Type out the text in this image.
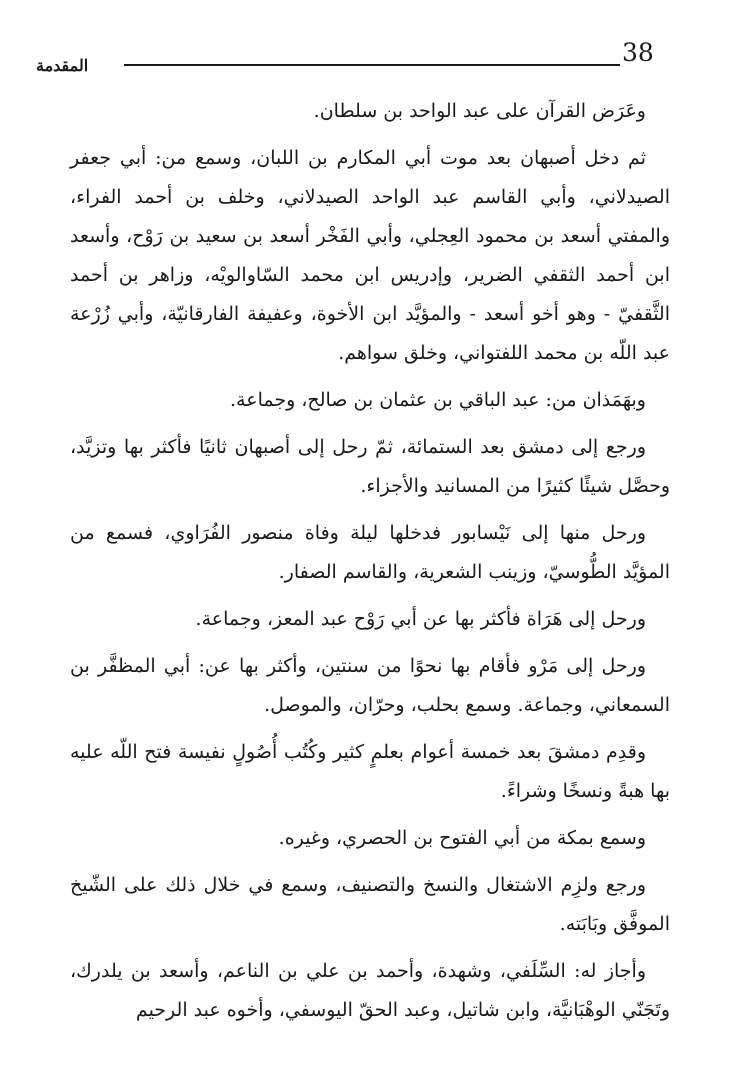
38
المقدمة

وعَرَض القرآن على عبد الواحد بن سلطان.

ثم دخل أصبهان بعد موت أبي المكارم بن اللبان، وسمع من: أبي جعفر الصيدلاني، وأبي القاسم عبد الواحد الصيدلاني، وخلف بن أحمد الفراء، والمفتي أسعد بن محمود العِجلي، وأبي الفَخْر أسعد بن سعيد بن رَوْح، وأسعد ابن أحمد الثقفي الضرير، وإدريس ابن محمد السّاوالويْه، وزاهر بن أحمد الثَّقفيّ - وهو أخو أسعد - والمؤيَّد ابن الأخوة، وعفيفة الفارقانيّة، وأبي زُرْعة عبد اللّه بن محمد اللفتواني، وخلق سواهم.

وبهَمَذان من: عبد الباقي بن عثمان بن صالح، وجماعة.

ورجع إلى دمشق بعد الستمائة، ثمّ رحل إلى أصبهان ثانيًا فأكثر بها وتزيَّد، وحصَّل شيئًا كثيرًا من المسانيد والأجزاء.

ورحل منها إلى نَيْسابور فدخلها ليلة وفاة منصور الفُرَاوي، فسمع من المؤيَّد الطُّوسيّ، وزينب الشعرية، والقاسم الصفار.

ورحل إلى هَرَاة فأكثر بها عن أبي رَوْح عبد المعز، وجماعة.

ورحل إلى مَرْو فأقام بها نحوًا من سنتين، وأكثر بها عن: أبي المظفَّر بن السمعاني، وجماعة. وسمع بحلب، وحرّان، والموصل.

وقدِم دمشقَ بعد خمسة أعوام بعلمٍ كثير وكُتُب أُصُولٍ نفيسة فتح اللّه عليه بها هبةً ونسخًا وشراءً.

وسمع بمكة من أبي الفتوح بن الحصري، وغيره.

ورجع ولزِم الاشتغال والنسخ والتصنيف، وسمع في خلال ذلك على الشّيخ الموفَّق وبَابَته.

وأجاز له: السِّلَفي، وشهدة، وأحمد بن علي بن الناعم، وأسعد بن يلدرك، وتَجَنّي الوهْبَانيَّة، وابن شاتيل، وعبد الحقّ اليوسفي، وأخوه عبد الرحيم
